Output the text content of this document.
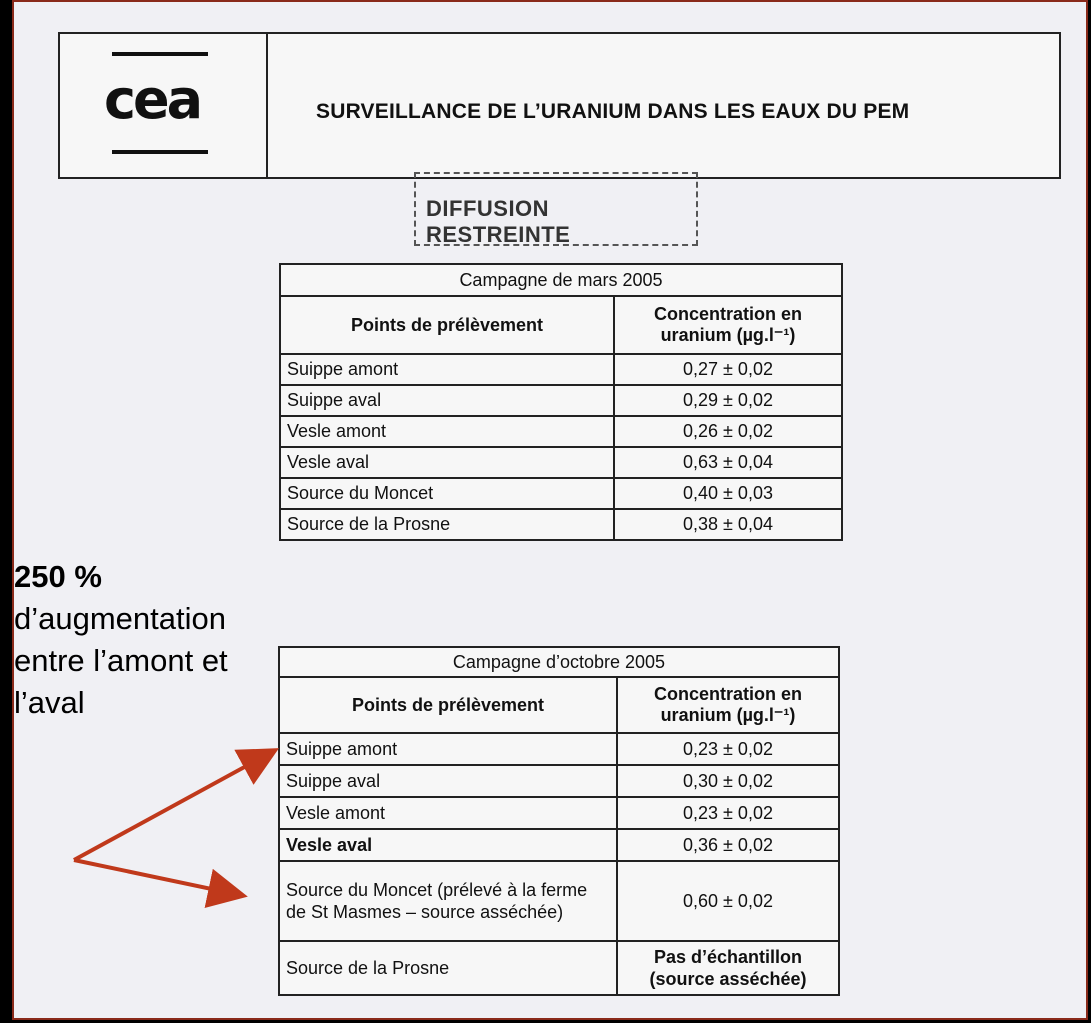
cea	SURVEILLANCE DE L’URANIUM DANS LES EAUX DU PEM
DIFFUSION RESTREINTE
Campagne de mars 2005	
Points de prélèvement	Concentration en uranium (µg.l⁻¹)
Suippe amont	0,27 ± 0,02
Suippe aval	0,29 ± 0,02
Vesle amont	0,26 ± 0,02
Vesle aval	0,63 ± 0,04
Source du Moncet	0,40 ± 0,03
Source de la Prosne	0,38 ± 0,04
Campagne d’octobre 2005	
Points de prélèvement	Concentration en uranium (µg.l⁻¹)
Suippe amont	0,23 ± 0,02
Suippe aval	0,30 ± 0,02
Vesle amont	0,23 ± 0,02
Vesle aval	0,36 ± 0,02
Source du Moncet (prélevé à la ferme de St Masmes – source asséchée)	0,60 ± 0,02
Source de la Prosne	Pas d’échantillon (source asséchée)
250 %
d’augmentation
entre l’amont et
l’aval
